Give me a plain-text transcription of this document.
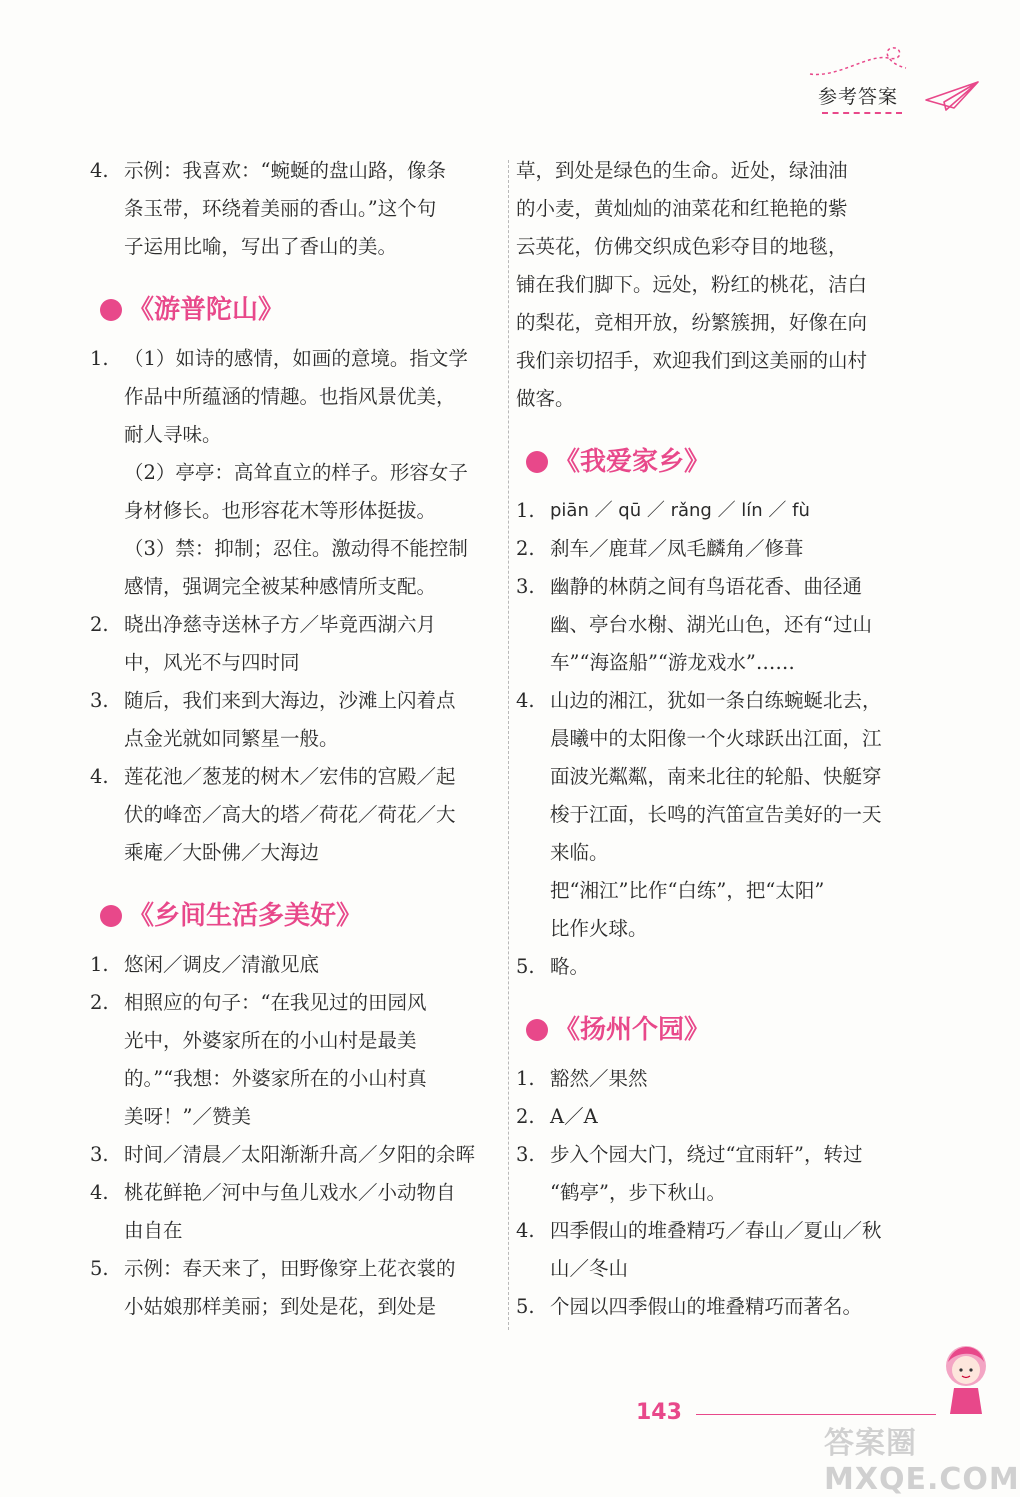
参考答案
4. 示例：我喜欢：“蜿蜒的盘山路，像条
条玉带，环绕着美丽的香山。”这个句
子运用比喻，写出了香山的美。
《游普陀山》
1. （1）如诗的感情，如画的意境。指文学
作品中所蕴涵的情趣。也指风景优美，
耐人寻味。
（2）亭亭：高耸直立的样子。形容女子
身材修长。也形容花木等形体挺拔。
（3）禁：抑制；忍住。激动得不能控制
感情，强调完全被某种感情所支配。
2. 晓出净慈寺送林子方／毕竟西湖六月
中，风光不与四时同
3. 随后，我们来到大海边，沙滩上闪着点
点金光就如同繁星一般。
4. 莲花池／葱茏的树木／宏伟的宫殿／起
伏的峰峦／高大的塔／荷花／荷花／大
乘庵／大卧佛／大海边
《乡间生活多美好》
1. 悠闲／调皮／清澈见底
2. 相照应的句子：“在我见过的田园风
光中，外婆家所在的小山村是最美
的。”“我想：外婆家所在的小山村真
美呀！”／赞美
3. 时间／清晨／太阳渐渐升高／夕阳的余晖
4. 桃花鲜艳／河中与鱼儿戏水／小动物自
由自在
5. 示例：春天来了，田野像穿上花衣裳的
小姑娘那样美丽；到处是花，到处是
草，到处是绿色的生命。近处，绿油油
的小麦，黄灿灿的油菜花和红艳艳的紫
云英花，仿佛交织成色彩夺目的地毯，
铺在我们脚下。远处，粉红的桃花，洁白
的梨花，竞相开放，纷繁簇拥，好像在向
我们亲切招手，欢迎我们到这美丽的山村
做客。
《我爱家乡》
1. piān ／ qū ／ rǎng ／ lín ／ fù
2. 刹车／鹿茸／凤毛麟角／修葺
3. 幽静的林荫之间有鸟语花香、曲径通
幽、亭台水榭、湖光山色，还有“过山
车”“海盗船”“游龙戏水”……
4. 山边的湘江，犹如一条白练蜿蜒北去，
晨曦中的太阳像一个火球跃出江面，江
面波光粼粼，南来北往的轮船、快艇穿
梭于江面，长鸣的汽笛宣告美好的一天
来临。
把“湘江”比作“白练”，把“太阳”
比作火球。
5. 略。
《扬州个园》
1. 豁然／果然
2. A／A
3. 步入个园大门，绕过“宜雨轩”，转过
“鹤亭”，步下秋山。
4. 四季假山的堆叠精巧／春山／夏山／秋
山／冬山
5. 个园以四季假山的堆叠精巧而著名。
143
答案圈 MXQE.COM
